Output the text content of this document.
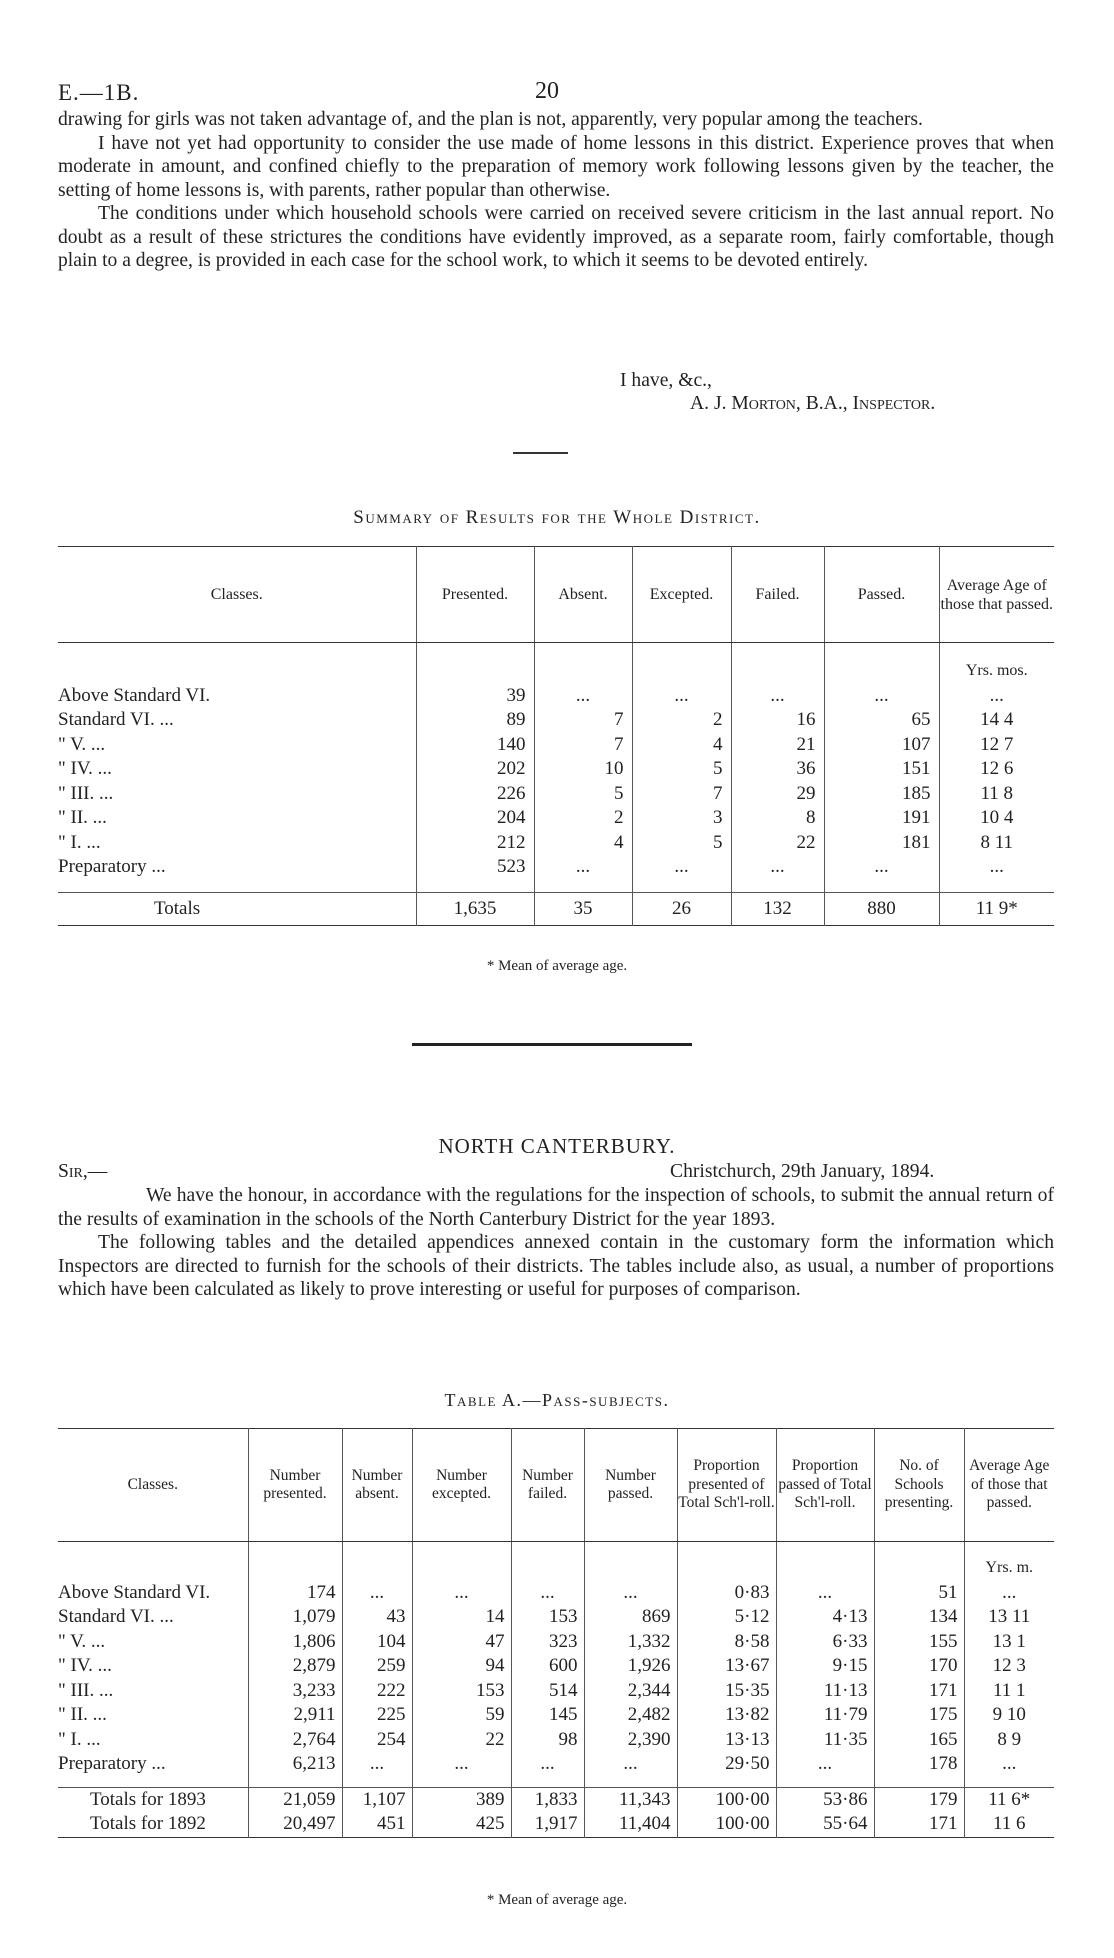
E.—1B.	20

drawing for girls was not taken advantage of, and the plan is not, apparently, very popular among the teachers.

I have not yet had opportunity to consider the use made of home lessons in this district. Experience proves that when moderate in amount, and confined chiefly to the preparation of memory work following lessons given by the teacher, the setting of home lessons is, with parents, rather popular than otherwise.

The conditions under which household schools were carried on received severe criticism in the last annual report. No doubt as a result of these strictures the conditions have evidently improved, as a separate room, fairly comfortable, though plain to a degree, is provided in each case for the school work, to which it seems to be devoted entirely.

I have, &c.,
A. J. Morton, B.A., Inspector.
Summary of Results for the Whole District.
Classes.	Presented.	Absent.	Excepted.	Failed.	Passed.	Average Age of those that passed.

						Yrs. mos.
Above Standard VI.	39	...	...	...	...	...
Standard VI. ...	89	7	2	16	65	14 4
" V. ...	140	7	4	21	107	12 7
" IV. ...	202	10	5	36	151	12 6
" III. ...	226	5	7	29	185	11 8
" II. ...	204	2	3	8	191	10 4
" I. ...	212	4	5	22	181	8 11
Preparatory ...	523	...	...	...	...	...

Totals	1,635	35	26	132	880	11 9*
* Mean of average age.
NORTH CANTERBURY.
Sir,—	Christchurch, 29th January, 1894.

We have the honour, in accordance with the regulations for the inspection of schools, to submit the annual return of the results of examination in the schools of the North Canterbury District for the year 1893.

The following tables and the detailed appendices annexed contain in the customary form the information which Inspectors are directed to furnish for the schools of their districts. The tables include also, as usual, a number of proportions which have been calculated as likely to prove interesting or useful for purposes of comparison.

Table A.—Pass-subjects.
Classes.	Number presented.	Number absent.	Number excepted.	Number failed.	Number passed.	Proportion presented of Total Sch'l-roll.	Proportion passed of Total Sch'l-roll.	No. of Schools presenting.	Average Age of those that passed.

									Yrs. m.
Above Standard VI.	174	...	...	...	...	0·83	...	51	...
Standard VI. ...	1,079	43	14	153	869	5·12	4·13	134	13 11
" V. ...	1,806	104	47	323	1,332	8·58	6·33	155	13 1
" IV. ...	2,879	259	94	600	1,926	13·67	9·15	170	12 3
" III. ...	3,233	222	153	514	2,344	15·35	11·13	171	11 1
" II. ...	2,911	225	59	145	2,482	13·82	11·79	175	9 10
" I. ...	2,764	254	22	98	2,390	13·13	11·35	165	8 9
Preparatory ...	6,213	...	...	...	...	29·50	...	178	...

Totals for 1893	21,059	1,107	389	1,833	11,343	100·00	53·86	179	11 6*
Totals for 1892	20,497	451	425	1,917	11,404	100·00	55·64	171	11 6
* Mean of average age.
